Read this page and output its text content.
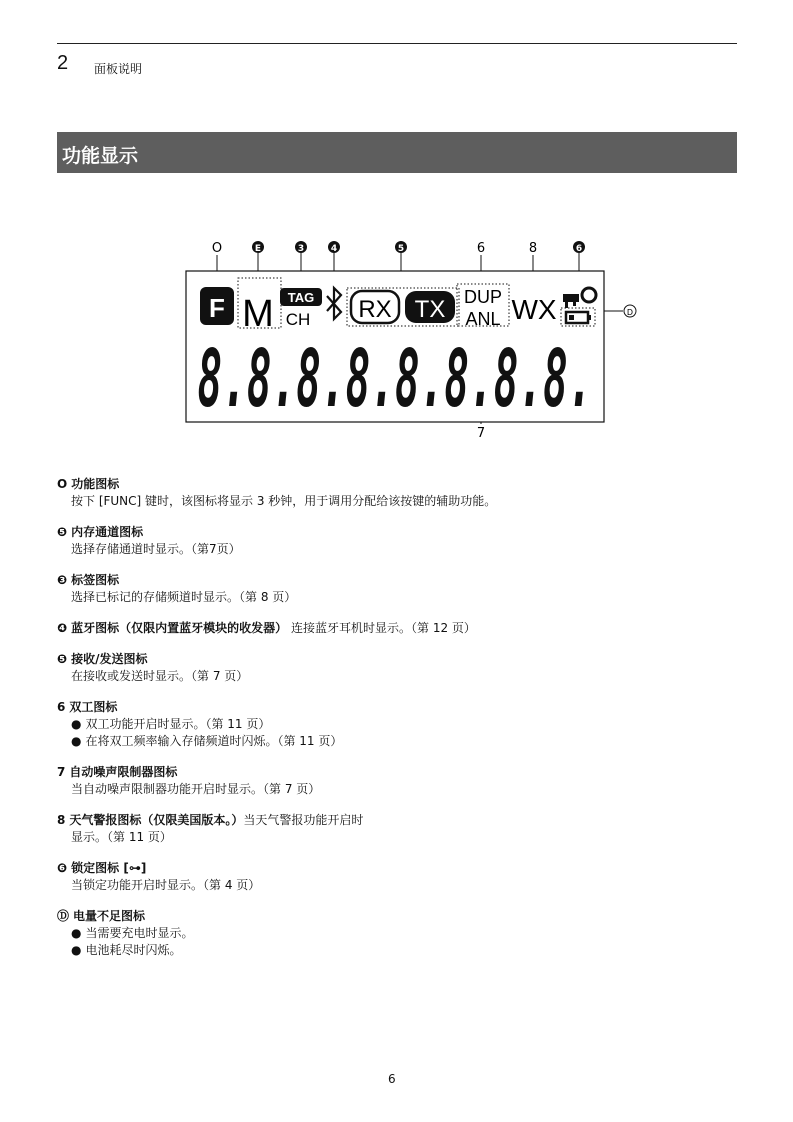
2 面板说明
功能显示
O	E	3	4	5	6	8	6
D
7
F M TAG
CH RX TX DUP
ANL WX
8.8.8.8.8.8.8.8.
O 功能图标
按下 [FUNC] 键时，该图标将显示 3 秒钟，用于调用分配给该按键的辅助功能。
❺ 内存通道图标
选择存储通道时显示。（第7页）
❸ 标签图标
选择已标记的存储频道时显示。（第 8 页）
❹ 蓝牙图标（仅限内置蓝牙模块的收发器）
连接蓝牙耳机时显示。（第 12 页）
❺ 接收/发送图标
在接收或发送时显示。（第 7 页）
6 双工图标
● 双工功能开启时显示。（第 11 页）
● 在将双工频率输入存储频道时闪烁。（第 11 页）
7 自动噪声限制器图标
当自动噪声限制器功能开启时显示。（第 7 页）
8 天气警报图标（仅限美国版本。） 当天气警报功能开启时
显示。（第 11 页）
❻ 锁定图标 [⊶]
当锁定功能开启时显示。（第 4 页）
Ⓓ 电量不足图标
● 当需要充电时显示。
● 电池耗尽时闪烁。
6
